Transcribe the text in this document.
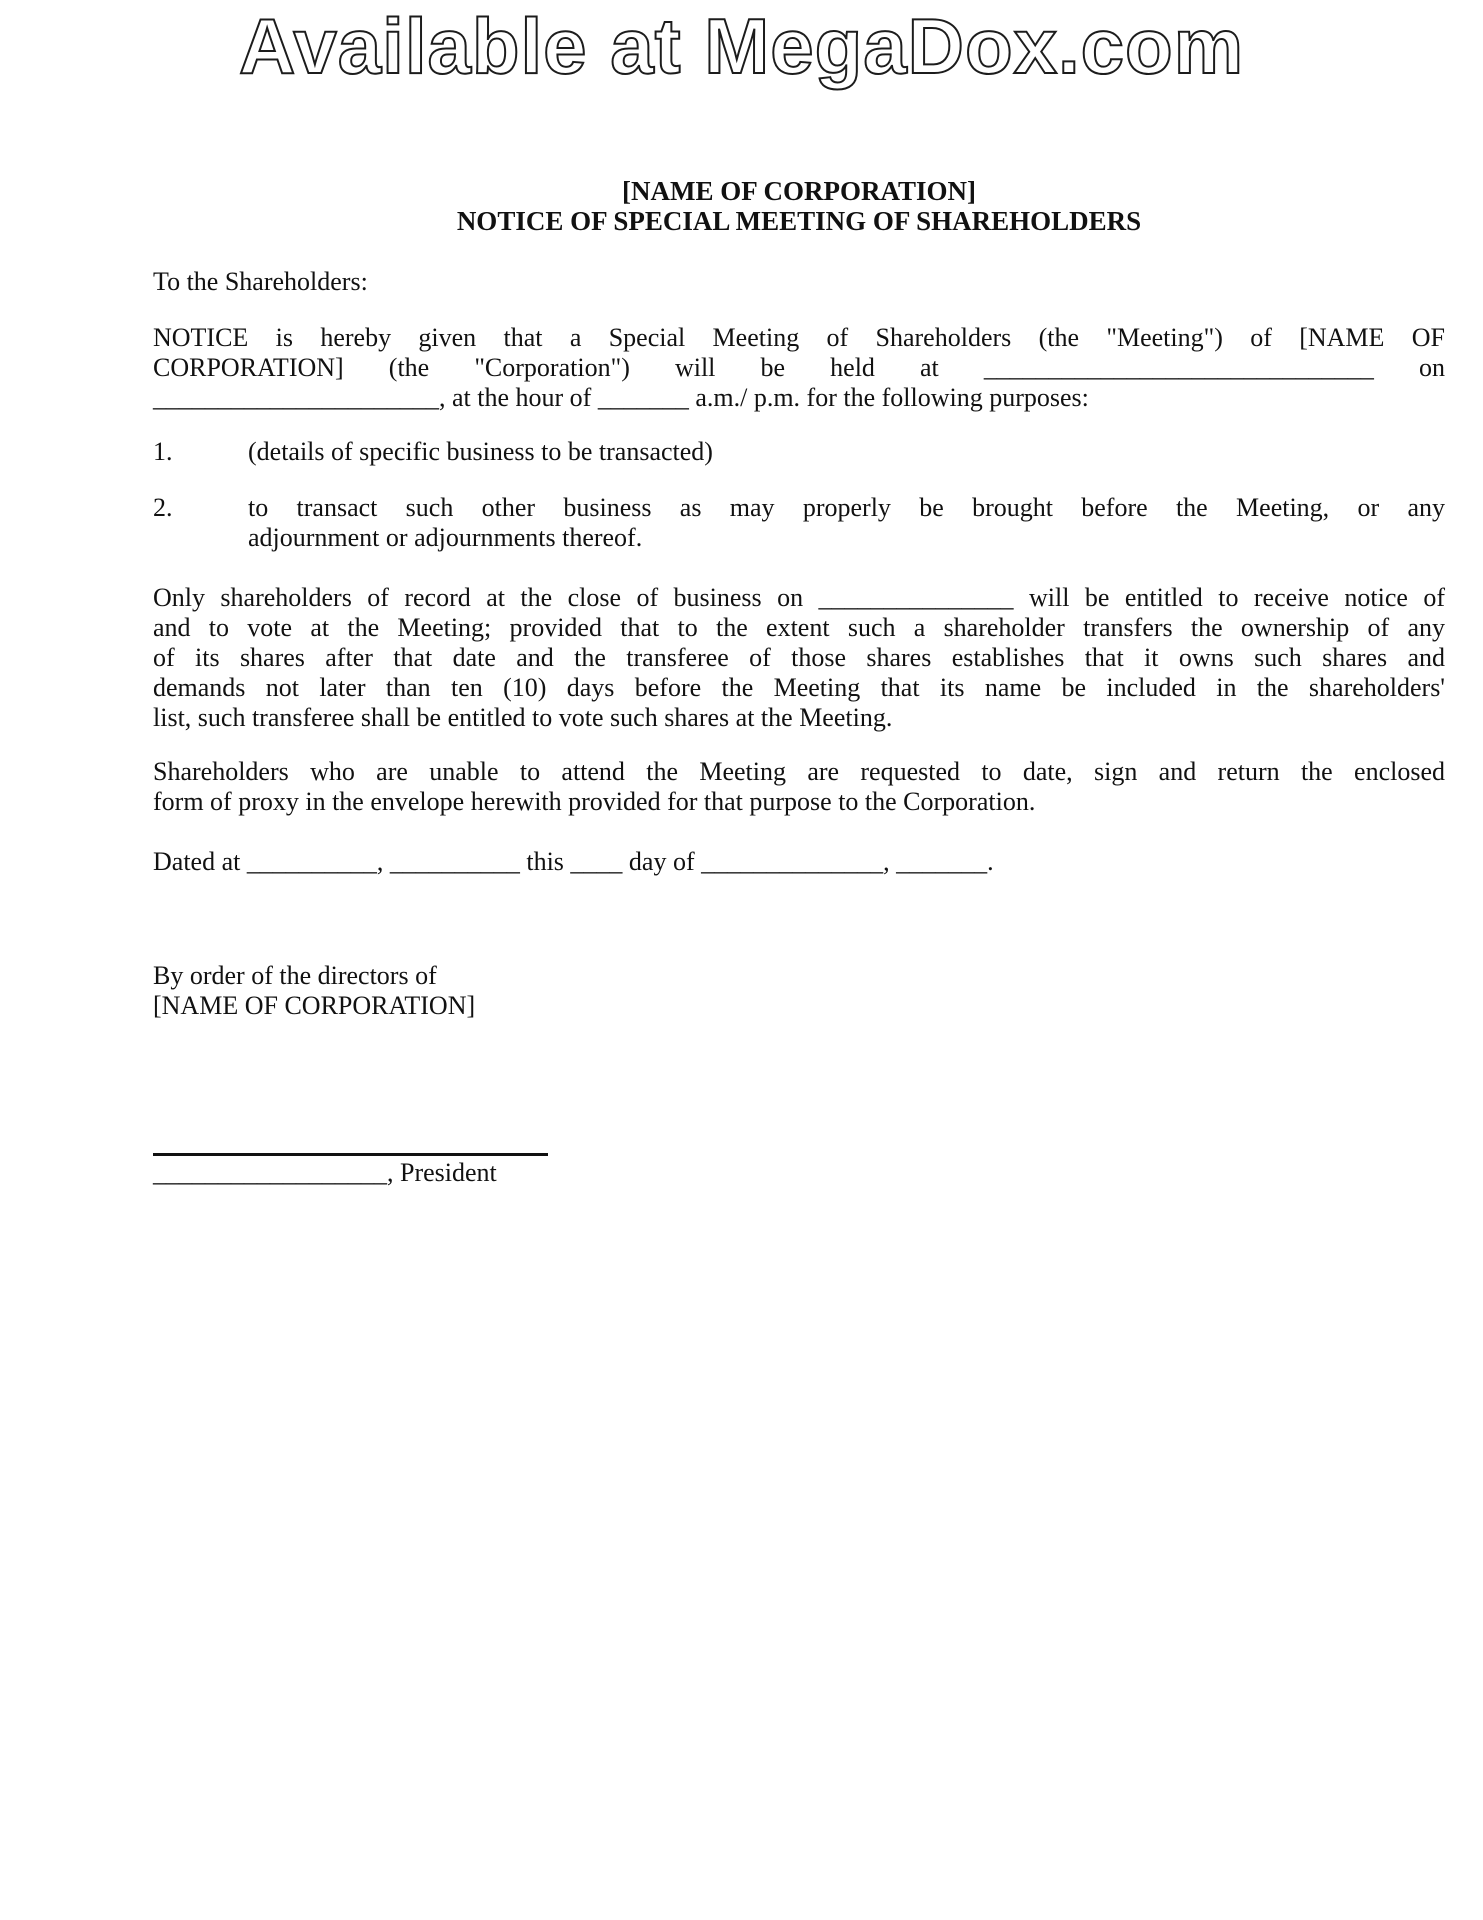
Available at MegaDox.com
[NAME OF CORPORATION]
NOTICE OF SPECIAL MEETING OF SHAREHOLDERS
To the Shareholders:
NOTICE is hereby given that a Special Meeting of Shareholders (the "Meeting") of [NAME OF
CORPORATION] (the "Corporation") will be held at ______________________________ on
______________________, at the hour of _______ a.m./ p.m. for the following purposes:
1.	(details of specific business to be transacted)
2.	to transact such other business as may properly be brought before the Meeting, or any
adjournment or adjournments thereof.
Only shareholders of record at the close of business on _______________ will be entitled to receive notice of
and to vote at the Meeting; provided that to the extent such a shareholder transfers the ownership of any
of its shares after that date and the transferee of those shares establishes that it owns such shares and
demands not later than ten (10) days before the Meeting that its name be included in the shareholders'
list, such transferee shall be entitled to vote such shares at the Meeting.
Shareholders who are unable to attend the Meeting are requested to date, sign and return the enclosed
form of proxy in the envelope herewith provided for that purpose to the Corporation.
Dated at __________, __________ this ____ day of ______________, _______.
By order of the directors of
[NAME OF CORPORATION]
__________________, President
